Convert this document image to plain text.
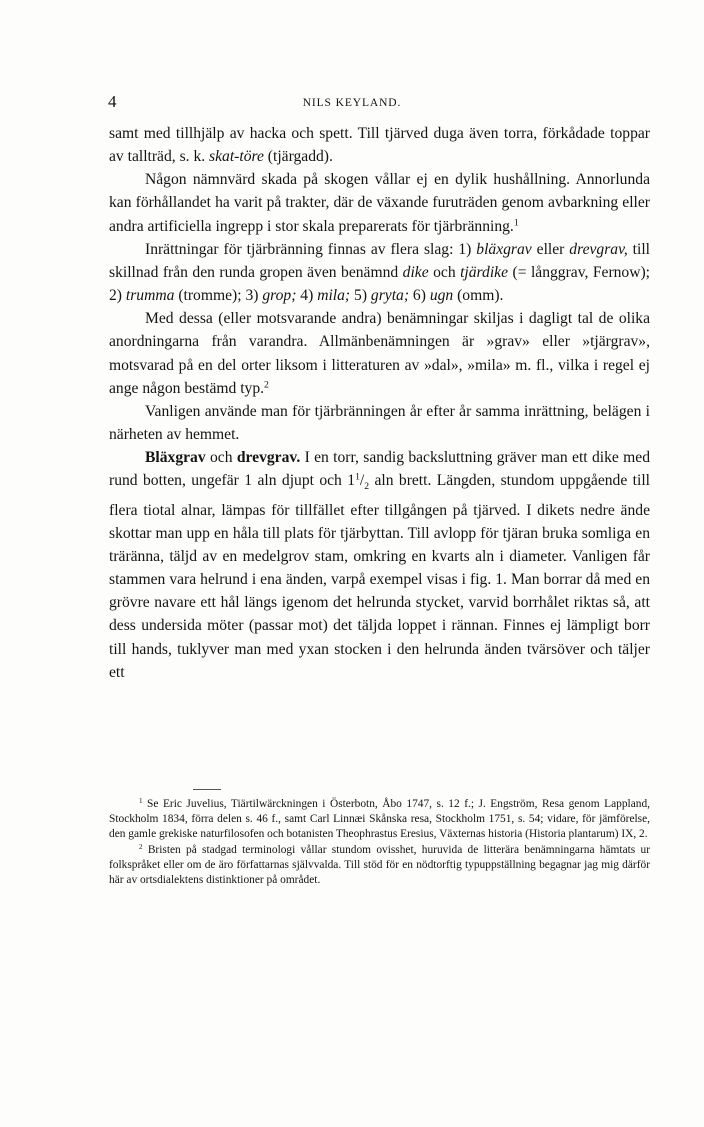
4	NILS KEYLAND.

samt med tillhjälp av hacka och spett. Till tjärved duga även torra, förkådade toppar av tallträd, s. k. skat-töre (tjärgadd).

Någon nämnvärd skada på skogen vållar ej en dylik hushållning. Annorlunda kan förhållandet ha varit på trakter, där de växande furuträden genom avbarkning eller andra artificiella ingrepp i stor skala preparerats för tjärbränning.$^1$

Inrättningar för tjärbränning finnas av flera slag: 1) bläxgrav eller drevgrav, till skillnad från den runda gropen även benämnd dike och tjärdike (= långgrav, Fernow); 2) trumma (tromme); 3) grop; 4) mila; 5) gryta; 6) ugn (omm).

Med dessa (eller motsvarande andra) benämningar skiljas i dagligt tal de olika anordningarna från varandra. Allmänbenämningen är »grav» eller »tjärgrav», motsvarad på en del orter liksom i litteraturen av »dal», »mila» m. fl., vilka i regel ej ange någon bestämd typ.$^2$

Vanligen använde man för tjärbränningen år efter år samma inrättning, belägen i närheten av hemmet.

Bläxgrav och drevgrav. I en torr, sandig backsluttning gräver man ett dike med rund botten, ungefär 1 aln djupt och $1^1/_2$ aln brett. Längden, stundom uppgående till flera tiotal alnar, lämpas för tillfället efter tillgången på tjärved. I dikets nedre ände skottar man upp en håla till plats för tjärbyttan. Till avlopp för tjäran bruka somliga en trärännа, täljd av en medelgrov stam, omkring en kvarts aln i diameter. Vanligen får stammen vara helrund i ena änden, varpå exempel visas i fig. 1. Man borrar då med en grövre navare ett hål längs igenom det helrunda stycket, varvid borrhålet riktas så, att dess undersida möter (passar mot) det täljda loppet i rännan. Finnes ej lämpligt borr till hands, tuklyver man med yxan stocken i den helrunda änden tvärsöver och täljer ett

$^1$ Se Eric Juvelius, Tiärtilwärckningen i Österbotn, Åbo 1747, s. 12 f.; J. Engström, Resa genom Lappland, Stockholm 1834, förra delen s. 46 f., samt Carl Linnæi Skånska resa, Stockholm 1751, s. 54; vidare, för jämförelse, den gamle grekiske naturfilosofen och botanisten Theophrastus Eresius, Växternas historia (Historia plantarum) IX, 2.

$^2$ Bristen på stadgad terminologi vållar stundom ovisshet, huruvida de litterära benämningarna hämtats ur folkspråket eller om de äro författarnas självvalda. Till stöd för en nödtorftig typuppställning begagnar jag mig därför här av ortsdialektens distinktioner på området.
